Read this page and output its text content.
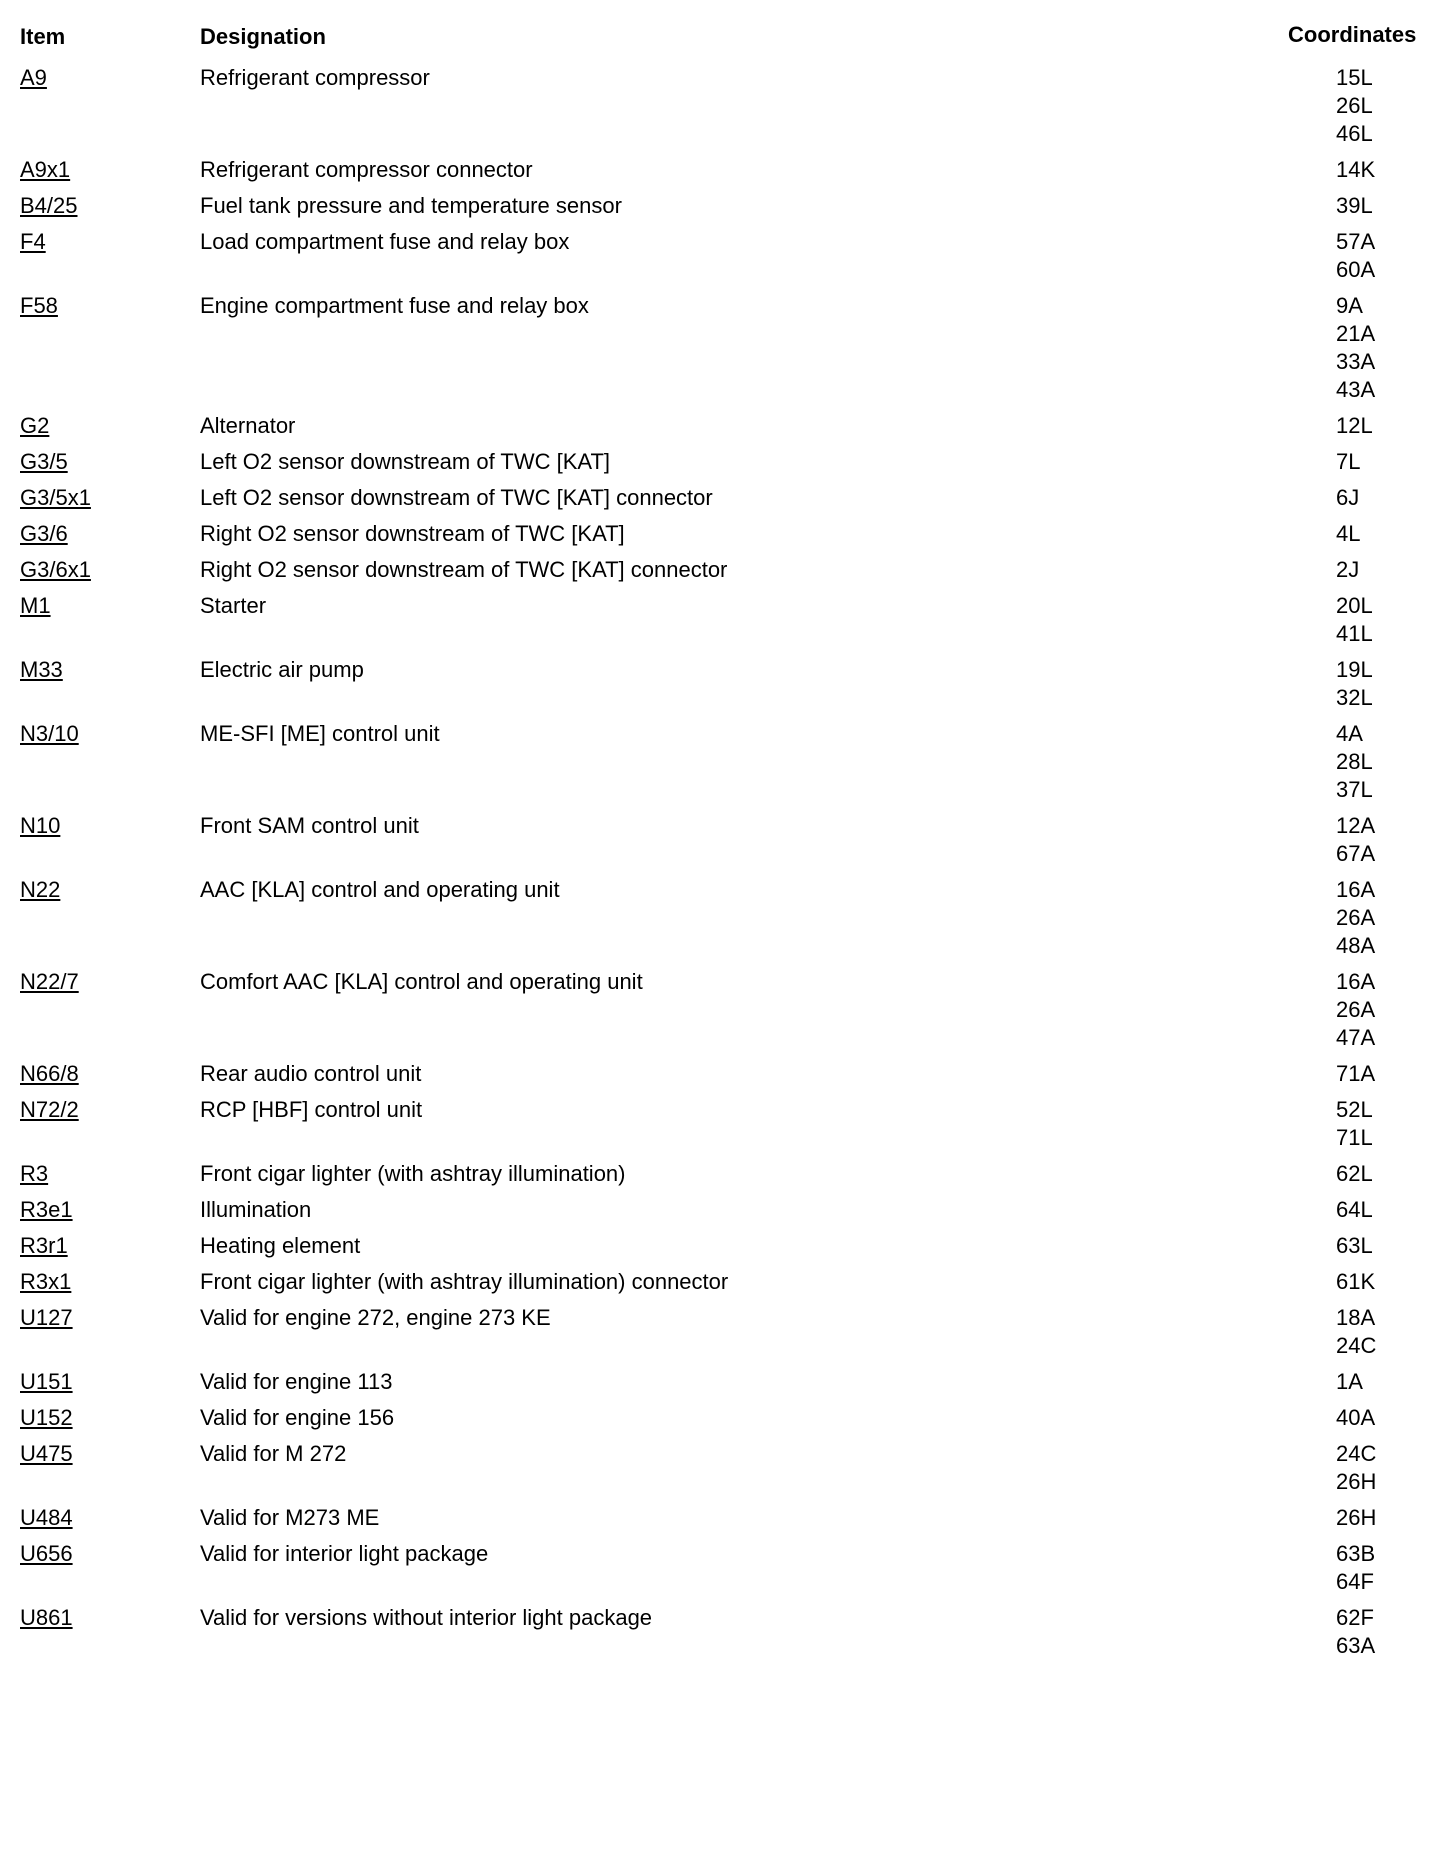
Item	Designation	Coordinates
A9	Refrigerant compressor	15L
26L
46L
A9x1	Refrigerant compressor connector	14K
B4/25	Fuel tank pressure and temperature sensor	39L
F4	Load compartment fuse and relay box	57A
60A
F58	Engine compartment fuse and relay box	9A
21A
33A
43A
G2	Alternator	12L
G3/5	Left O2 sensor downstream of TWC [KAT]	7L
G3/5x1	Left O2 sensor downstream of TWC [KAT] connector	6J
G3/6	Right O2 sensor downstream of TWC [KAT]	4L
G3/6x1	Right O2 sensor downstream of TWC [KAT] connector	2J
M1	Starter	20L
41L
M33	Electric air pump	19L
32L
N3/10	ME-SFI [ME] control unit	4A
28L
37L
N10	Front SAM control unit	12A
67A
N22	AAC [KLA] control and operating unit	16A
26A
48A
N22/7	Comfort AAC [KLA] control and operating unit	16A
26A
47A
N66/8	Rear audio control unit	71A
N72/2	RCP [HBF] control unit	52L
71L
R3	Front cigar lighter (with ashtray illumination)	62L
R3e1	Illumination	64L
R3r1	Heating element	63L
R3x1	Front cigar lighter (with ashtray illumination) connector	61K
U127	Valid for engine 272, engine 273 KE	18A
24C
U151	Valid for engine 113	1A
U152	Valid for engine 156	40A
U475	Valid for M 272	24C
26H
U484	Valid for M273 ME	26H
U656	Valid for interior light package	63B
64F
U861	Valid for versions without interior light package	62F
63A
